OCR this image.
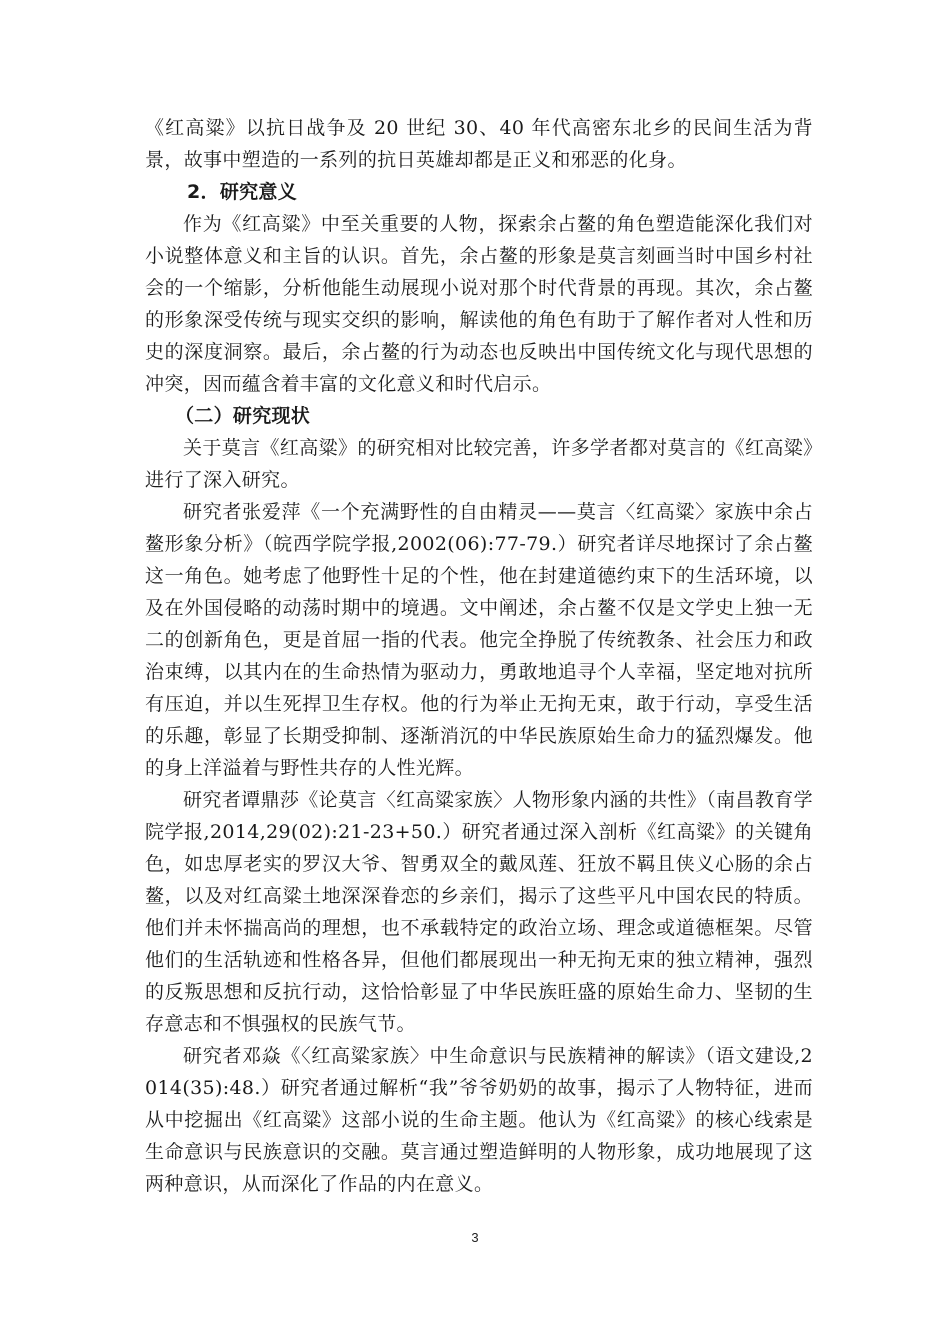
《红高粱》以抗日战争及 20 世纪 30、40 年代高密东北乡的民间生活为背景，故事中塑造的一系列的抗日英雄却都是正义和邪恶的化身。

2．研究意义

作为《红高粱》中至关重要的人物，探索余占鳌的角色塑造能深化我们对小说整体意义和主旨的认识。首先，余占鳌的形象是莫言刻画当时中国乡村社会的一个缩影，分析他能生动展现小说对那个时代背景的再现。其次，余占鳌的形象深受传统与现实交织的影响，解读他的角色有助于了解作者对人性和历史的深度洞察。最后，余占鳌的行为动态也反映出中国传统文化与现代思想的冲突，因而蕴含着丰富的文化意义和时代启示。

（二）研究现状

关于莫言《红高粱》的研究相对比较完善，许多学者都对莫言的《红高粱》进行了深入研究。

研究者张爱萍《一个充满野性的自由精灵——莫言〈红高粱〉家族中余占鳌形象分析》（皖西学院学报,2002(06):77-79.）研究者详尽地探讨了余占鳌这一角色。她考虑了他野性十足的个性，他在封建道德约束下的生活环境，以及在外国侵略的动荡时期中的境遇。文中阐述，余占鳌不仅是文学史上独一无二的创新角色，更是首屈一指的代表。他完全挣脱了传统教条、社会压力和政治束缚，以其内在的生命热情为驱动力，勇敢地追寻个人幸福，坚定地对抗所有压迫，并以生死捍卫生存权。他的行为举止无拘无束，敢于行动，享受生活的乐趣，彰显了长期受抑制、逐渐消沉的中华民族原始生命力的猛烈爆发。他的身上洋溢着与野性共存的人性光辉。

研究者谭鼎莎《论莫言〈红高粱家族〉人物形象内涵的共性》（南昌教育学院学报,2014,29(02):21-23+50.）研究者通过深入剖析《红高粱》的关键角色，如忠厚老实的罗汉大爷、智勇双全的戴凤莲、狂放不羁且侠义心肠的余占鳌，以及对红高粱土地深深眷恋的乡亲们，揭示了这些平凡中国农民的特质。他们并未怀揣高尚的理想，也不承载特定的政治立场、理念或道德框架。尽管他们的生活轨迹和性格各异，但他们都展现出一种无拘无束的独立精神，强烈的反叛思想和反抗行动，这恰恰彰显了中华民族旺盛的原始生命力、坚韧的生存意志和不惧强权的民族气节。

研究者邓焱《〈红高粱家族〉中生命意识与民族精神的解读》（语文建设,2014(35):48.）研究者通过解析“我”爷爷奶奶的故事，揭示了人物特征，进而从中挖掘出《红高粱》这部小说的生命主题。他认为《红高粱》的核心线索是生命意识与民族意识的交融。莫言通过塑造鲜明的人物形象，成功地展现了这两种意识，从而深化了作品的内在意义。

3
